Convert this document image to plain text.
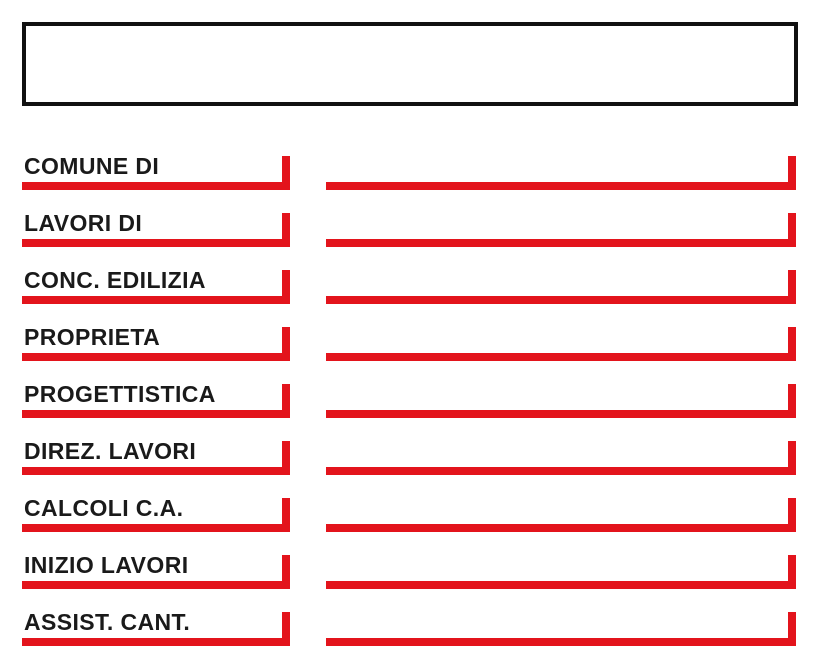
COMUNE DI
LAVORI DI
CONC. EDILIZIA
PROPRIETA
PROGETTISTICA
DIREZ. LAVORI
CALCOLI C.A.
INIZIO LAVORI
ASSIST. CANT.
